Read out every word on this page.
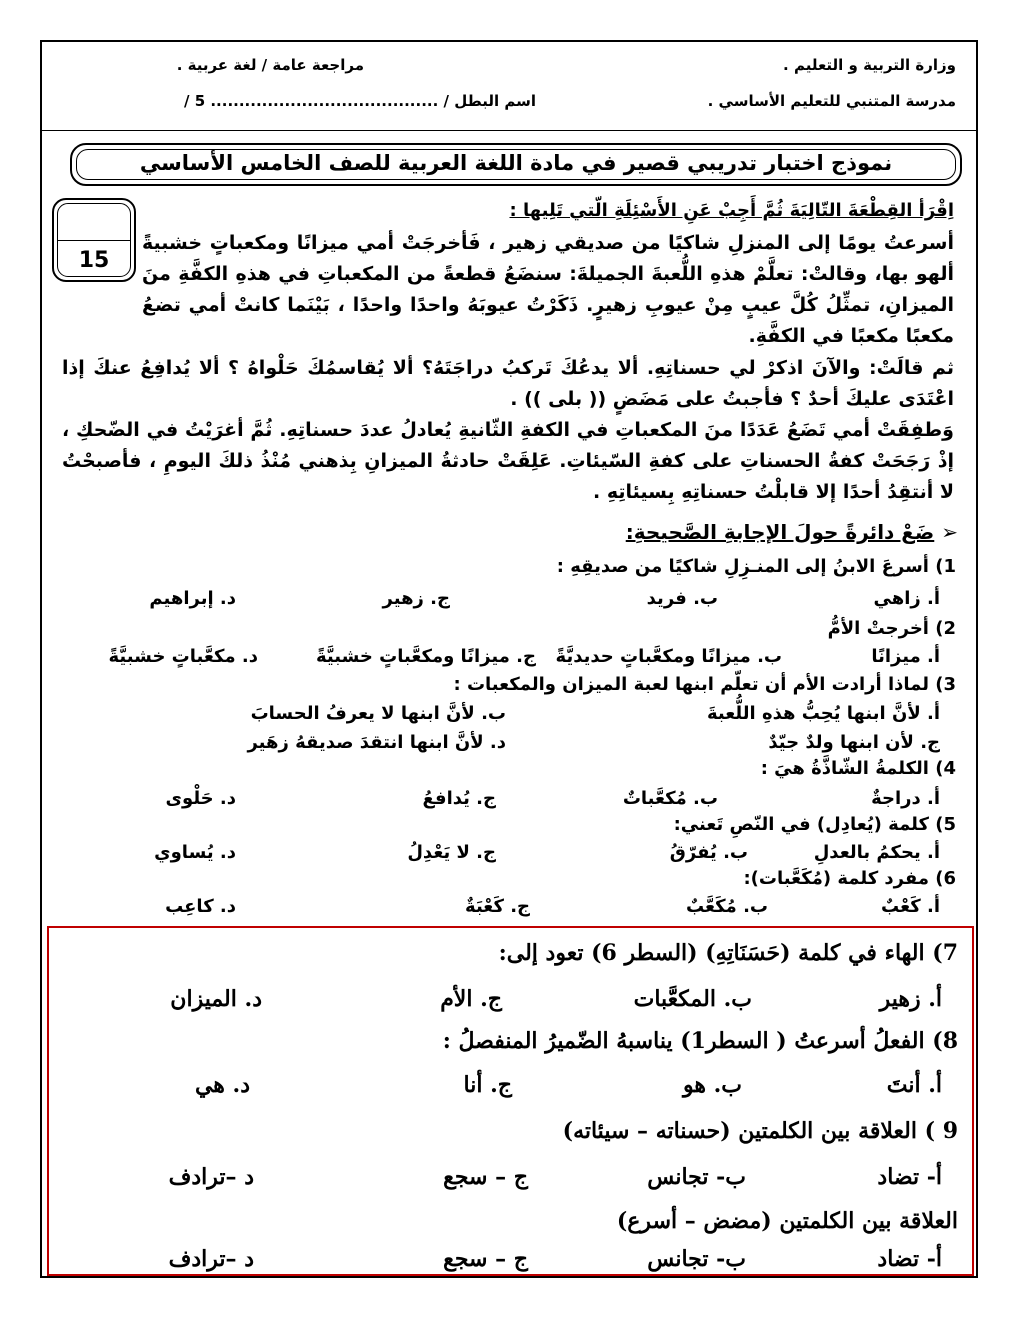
وزارة التربية و التعليم .
مراجعة عامة / لغة عربية .
مدرسة المتنبي للتعليم الأساسي .
اسم البطل / ........................................ 5 /
نموذج اختبار تدريبي قصير في مادة اللغة العربية للصف الخامس الأساسي
15
اِقْرَأ القِطْعَةَ التّالِيَةَ ثُمَّ أَجِبْ عَنِ الأَسْئِلَةِ الّتي تَلِيها :
أسرعتُ يومًا إلى المنزلِ شاكيًا من صديقي زهير ، فَأخرجَتْ أمي ميزانًا ومكعباتٍ خشبيةً ألهو بها، وقالتْ: تعلَّمْ هذهِ اللُّعبةَ الجميلةَ: سنضَعُ قطعةً من المكعباتِ في هذهِ الكفَّةِ منَ الميزانِ، تمثِّلُ كُلَّ عيبٍ مِنْ عيوبِ زهيرٍ. ذَكَرْتُ عيوبَهُ واحدًا واحدًا ، بَيْنَما كانتْ أمي تضعُ مكعبًا مكعبًا في الكفَّةِ.
ثم قالَتْ: والآنَ اذكرْ لي حسناتِهِ. ألا يدعُكَ تَركبُ دراجَتَهُ؟ ألا يُقاسمُكَ حَلْواهُ ؟ ألا يُدافِعُ عنكَ إذا اعْتَدَى عليكَ أحدٌ ؟ فأجبتُ على مَضَضٍ (( بلى )) .
وَطفِقَتْ أمي تَضَعُ عَدَدًا منَ المكعباتِ في الكفةِ الثّانيةِ يُعادلُ عددَ حسناتِهِ. ثُمَّ أغرَيْتُ في الضّحكِ ، إذْ رَجَحَتْ كفةُ الحسناتِ على كفةِ السّيئاتِ. عَلِقَتْ حادثةُ الميزانِ بِذهني مُنْذُ ذلكَ اليومِ ، فأصبحْتُ لا أنتقِدُ أحدًا إلا قابلْتُ حسناتِهِ بِسيئاتِهِ .
➢ ضَعْ دائرةً حولَ الإجابةِ الصَّحيحةِ:
1) أسرعَ الابنُ إلى المنـزِلِ شاكيًا من صديقِهِ :
أ. زاهي
ب. فريد
ج. زهير
د. إبراهيم
2) أخرجتْ الأمُّ
أ. ميزانًا
ب. ميزانًا ومكعَّباتٍ حديديَّةً
ج. ميزانًا ومكعَّباتٍ خشبيَّةً
د. مكعَّباتٍ خشبيَّةً
3) لماذا أرادت الأم أن تعلّم ابنها لعبة الميزان والمكعبات :
أ. لأنَّ ابنها يُحِبُّ هذهِ اللُّعبةَ
ب. لأنَّ ابنها لا يعرفُ الحسابَ
ج. لأن ابنها ولدٌ جيّدٌ
د. لأنَّ ابنها انتقدَ صديقهُ زهَير
4) الكلمةُ الشّاذَّةُ هيَ :
أ. دراجةٌ
ب. مُكعَّباتٌ
ج. يُدافعُ
د. حَلْوى
5) كلمة (يُعادِل) في النّصِ تَعني:
أ. يحكمُ بالعدلِ
ب. يُفرّقُ
ج. لا يَعْدِلُ
د. يُساوي
6) مفرد كلمة (مُكَعَّبات):
أ. كَعْبٌ
ب. مُكَعَّبٌ
ج. كَعْبَةٌ
د. كاعِب
7) الهاء في كلمة (حَسَنَاتِهِ) (السطر 6) تعود إلى:
أ. زهير
ب. المكعَّبات
ج. الأم
د. الميزان
8) الفعلُ أسرعتُ ( السطر1) يناسبهُ الضّميرُ المنفصلُ :
أ. أنتَ
ب. هو
ج. أنا
د. هي
9 ) العلاقة بين الكلمتين (حسناته – سيئاته)
أ- تضاد
ب- تجانس
ج – سجع
د –ترادف
العلاقة بين الكلمتين (مضض – أسرع)
أ- تضاد
ب- تجانس
ج – سجع
د –ترادف
